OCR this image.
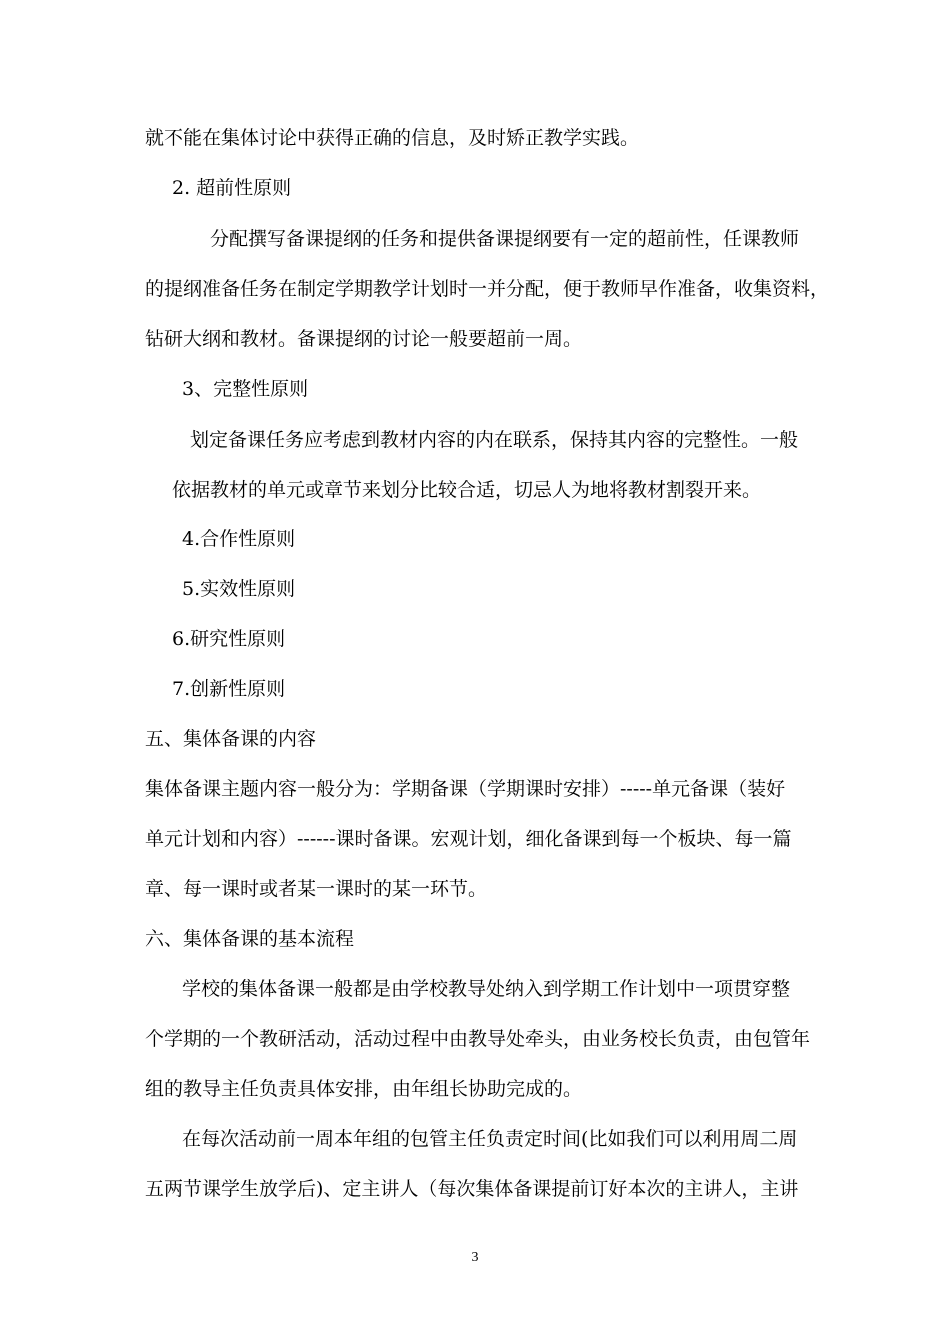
就不能在集体讨论中获得正确的信息，及时矫正教学实践。
2. 超前性原则
分配撰写备课提纲的任务和提供备课提纲要有一定的超前性，任课教师
的提纲准备任务在制定学期教学计划时一并分配，便于教师早作准备，收集资料，
钻研大纲和教材。备课提纲的讨论一般要超前一周。
3、完整性原则
划定备课任务应考虑到教材内容的内在联系，保持其内容的完整性。一般
依据教材的单元或章节来划分比较合适，切忌人为地将教材割裂开来。
4.合作性原则
5.实效性原则
6.研究性原则
7.创新性原则
五、集体备课的内容
集体备课主题内容一般分为：学期备课（学期课时安排）-----单元备课（装好
单元计划和内容）------课时备课。宏观计划，细化备课到每一个板块、每一篇
章、每一课时或者某一课时的某一环节。
六、集体备课的基本流程
学校的集体备课一般都是由学校教导处纳入到学期工作计划中一项贯穿整
个学期的一个教研活动，活动过程中由教导处牵头，由业务校长负责，由包管年
组的教导主任负责具体安排，由年组长协助完成的。
在每次活动前一周本年组的包管主任负责定时间(比如我们可以利用周二周
五两节课学生放学后)、定主讲人（每次集体备课提前订好本次的主讲人，主讲
3
